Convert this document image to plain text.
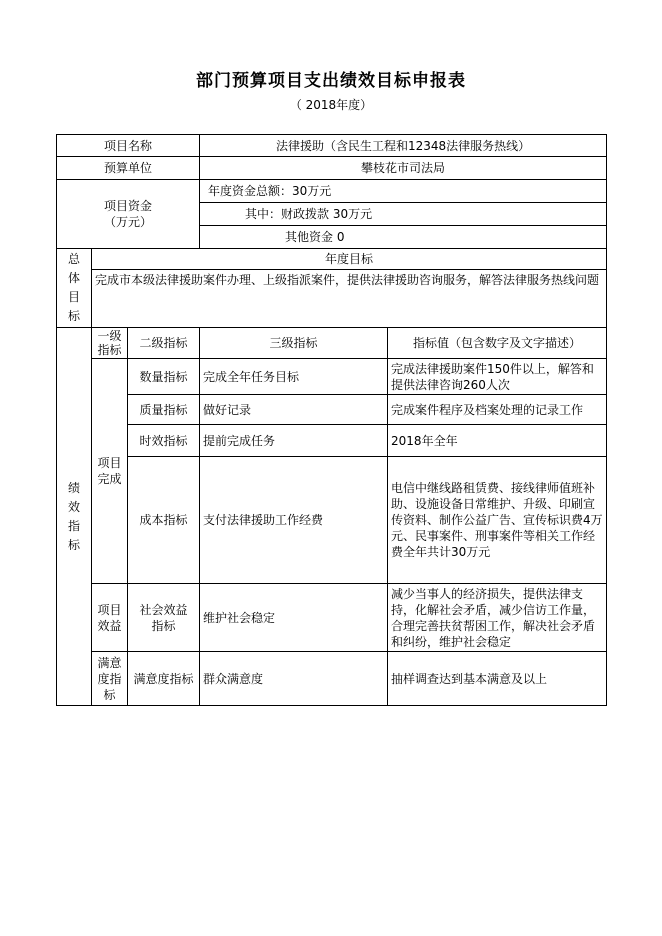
部门预算项目支出绩效目标申报表
（ 2018年度）
项目名称			法律援助（含民生工程和12348法律服务热线）	
预算单位			攀枝花市司法局	

项目资金
（万元）			年度资金总额：30万元	
			其中：财政拨款 30万元	
			其他资金 0	

总体目标	年度目标			
	完成市本级法律援助案件办理、上级指派案件，提供法律援助咨询服务，解答法律服务热线问题			

绩效指标	一级指标	二级指标	三级指标	指标值（包含数字及文字描述）

	项目完成	数量指标	完成全年任务目标	完成法律援助案件150件以上，解答和提供法律咨询260人次
		质量指标	做好记录	完成案件程序及档案处理的记录工作
		时效指标	提前完成任务	2018年全年
		成本指标	支付法律援助工作经费	电信中继线路租赁费、接线律师值班补助、设施设备日常维护、升级、印刷宣传资料、制作公益广告、宣传标识费4万元、民事案件、刑事案件等相关工作经费全年共计30万元

	项目效益	社会效益指标	维护社会稳定	减少当事人的经济损失，提供法律支持，化解社会矛盾，减少信访工作量，合理完善扶贫帮困工作，解决社会矛盾和纠纷，维护社会稳定

	满意度指标	满意度指标	群众满意度	抽样调查达到基本满意及以上
